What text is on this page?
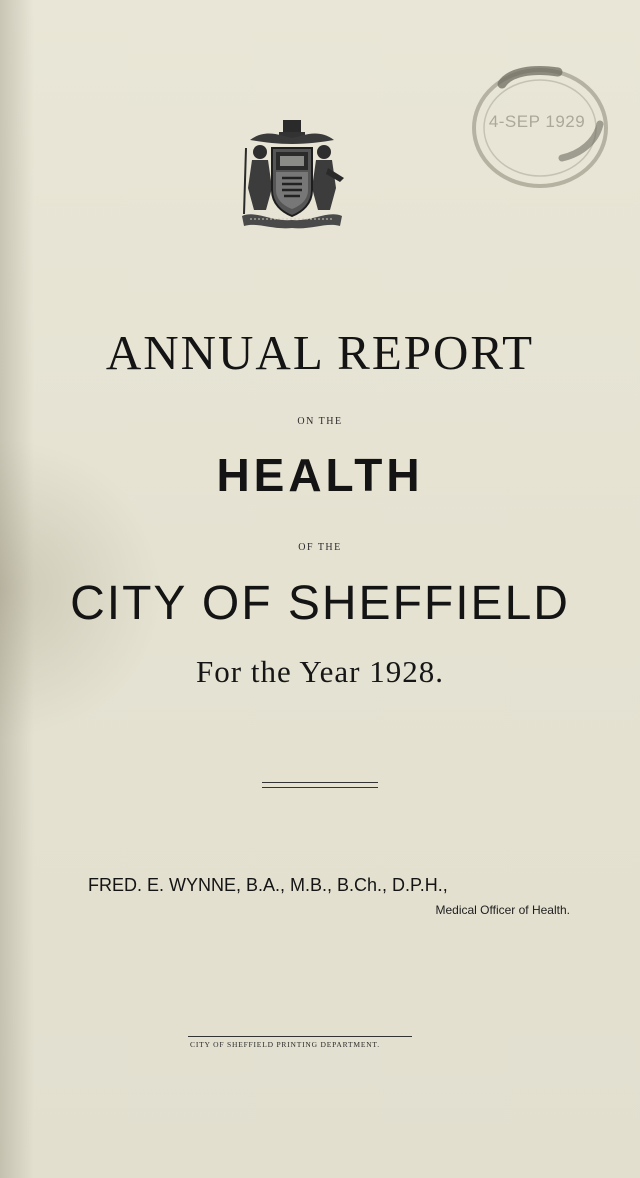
4-SEP 1929
ANNUAL REPORT
ON THE
HEALTH
OF THE
CITY OF SHEFFIELD
For the Year 1928.
FRED. E. WYNNE, B.A., M.B., B.Ch., D.P.H.,
Medical Officer of Health.
CITY OF SHEFFIELD PRINTING DEPARTMENT.
